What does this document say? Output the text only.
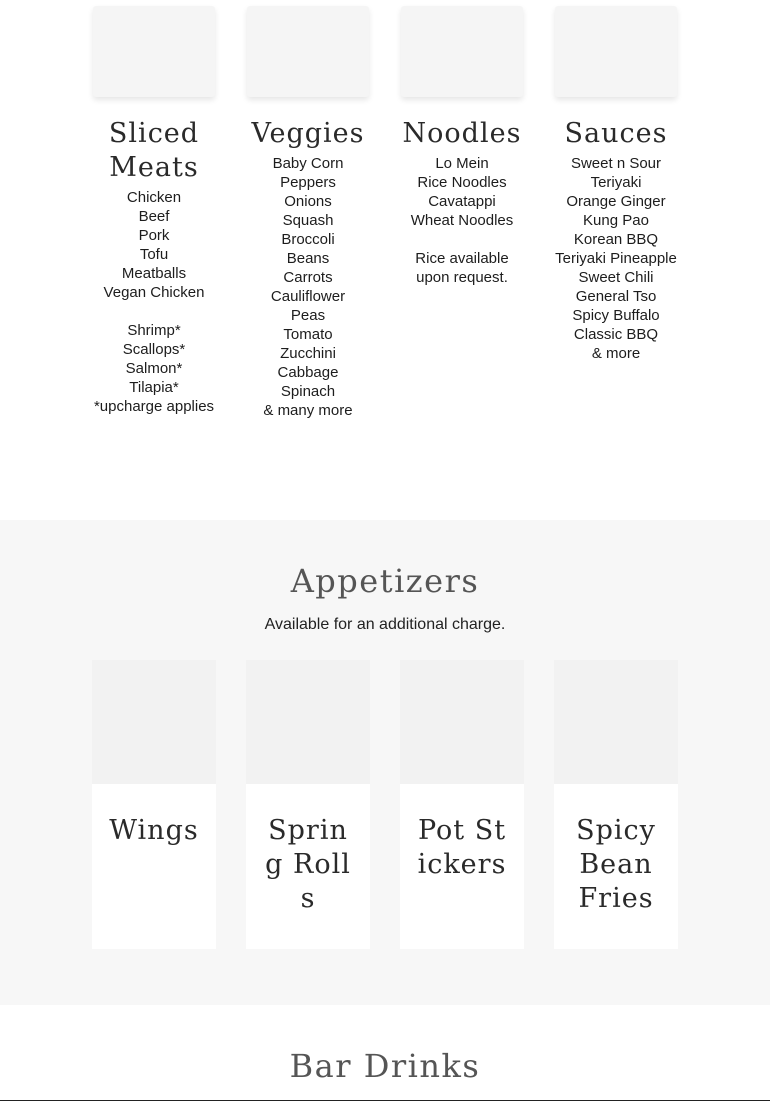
Sliced Meats
Chicken
Beef
Pork
Tofu
Meatballs
Vegan Chicken
Shrimp*
Scallops*
Salmon*
Tilapia*
*upcharge applies
Veggies
Baby Corn
Peppers
Onions
Squash
Broccoli
Beans
Carrots
Cauliflower
Peas
Tomato
Zucchini
Cabbage
Spinach
& many more
Noodles
Lo Mein
Rice Noodles
Cavatappi
Wheat Noodles
Rice available
upon request.
Sauces
Sweet n Sour
Teriyaki
Orange Ginger
Kung Pao
Korean BBQ
Teriyaki Pineapple
Sweet Chili
General Tso
Spicy Buffalo
Classic BBQ
& more
Appetizers

Available for an additional charge.

Wings	Spring Rolls
Pot Stickers
Spicy Bean Fries
Bar Drinks
